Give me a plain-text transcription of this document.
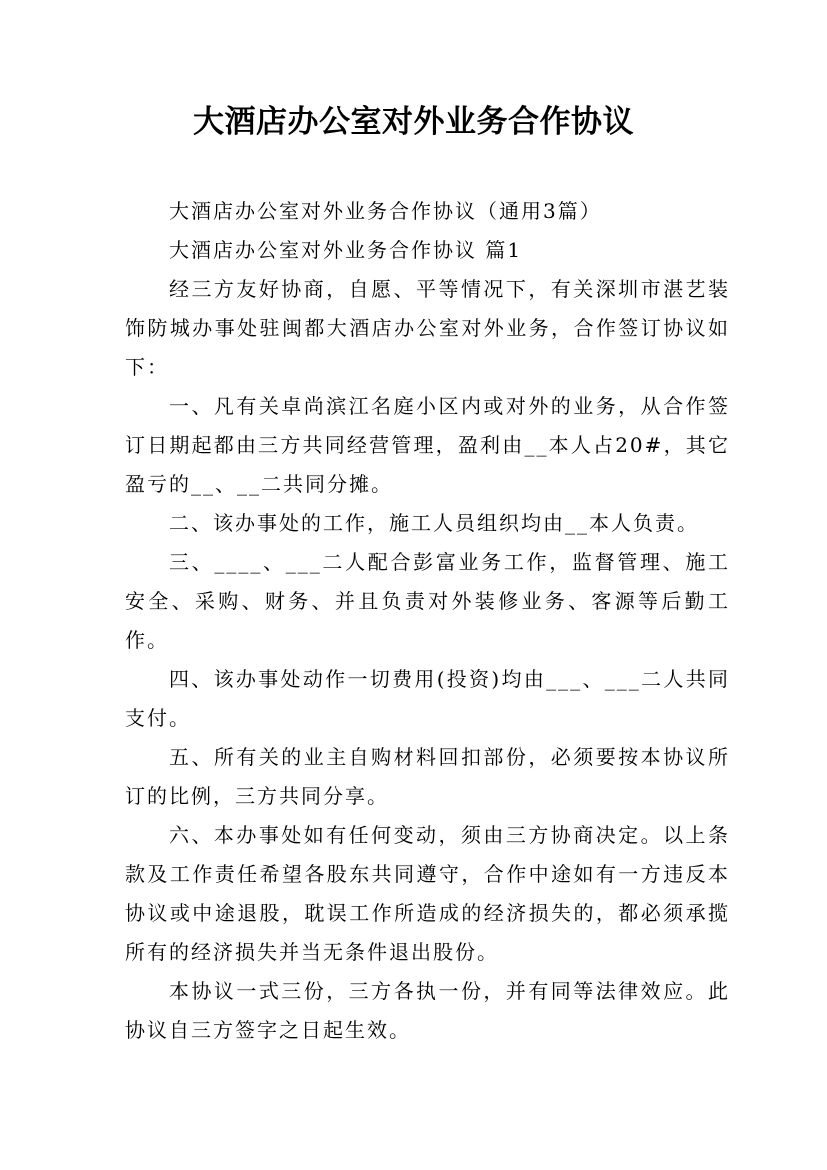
大酒店办公室对外业务合作协议

大酒店办公室对外业务合作协议（通用3篇）

大酒店办公室对外业务合作协议 篇1

经三方友好协商，自愿、平等情况下，有关深圳市湛艺装饰防城办事处驻闽都大酒店办公室对外业务，合作签订协议如下：

一、凡有关卓尚滨江名庭小区内或对外的业务，从合作签订日期起都由三方共同经营管理，盈利由__本人占20#，其它盈亏的__、__二共同分摊。

二、该办事处的工作，施工人员组织均由__本人负责。

三、____、___二人配合彭富业务工作，监督管理、施工安全、采购、财务、并且负责对外装修业务、客源等后勤工作。

四、该办事处动作一切费用(投资)均由___、___二人共同支付。

五、所有关的业主自购材料回扣部份，必须要按本协议所订的比例，三方共同分享。

六、本办事处如有任何变动，须由三方协商决定。以上条款及工作责任希望各股东共同遵守，合作中途如有一方违反本协议或中途退股，耽误工作所造成的经济损失的，都必须承揽所有的经济损失并当无条件退出股份。

本协议一式三份，三方各执一份，并有同等法律效应。此协议自三方签字之日起生效。
